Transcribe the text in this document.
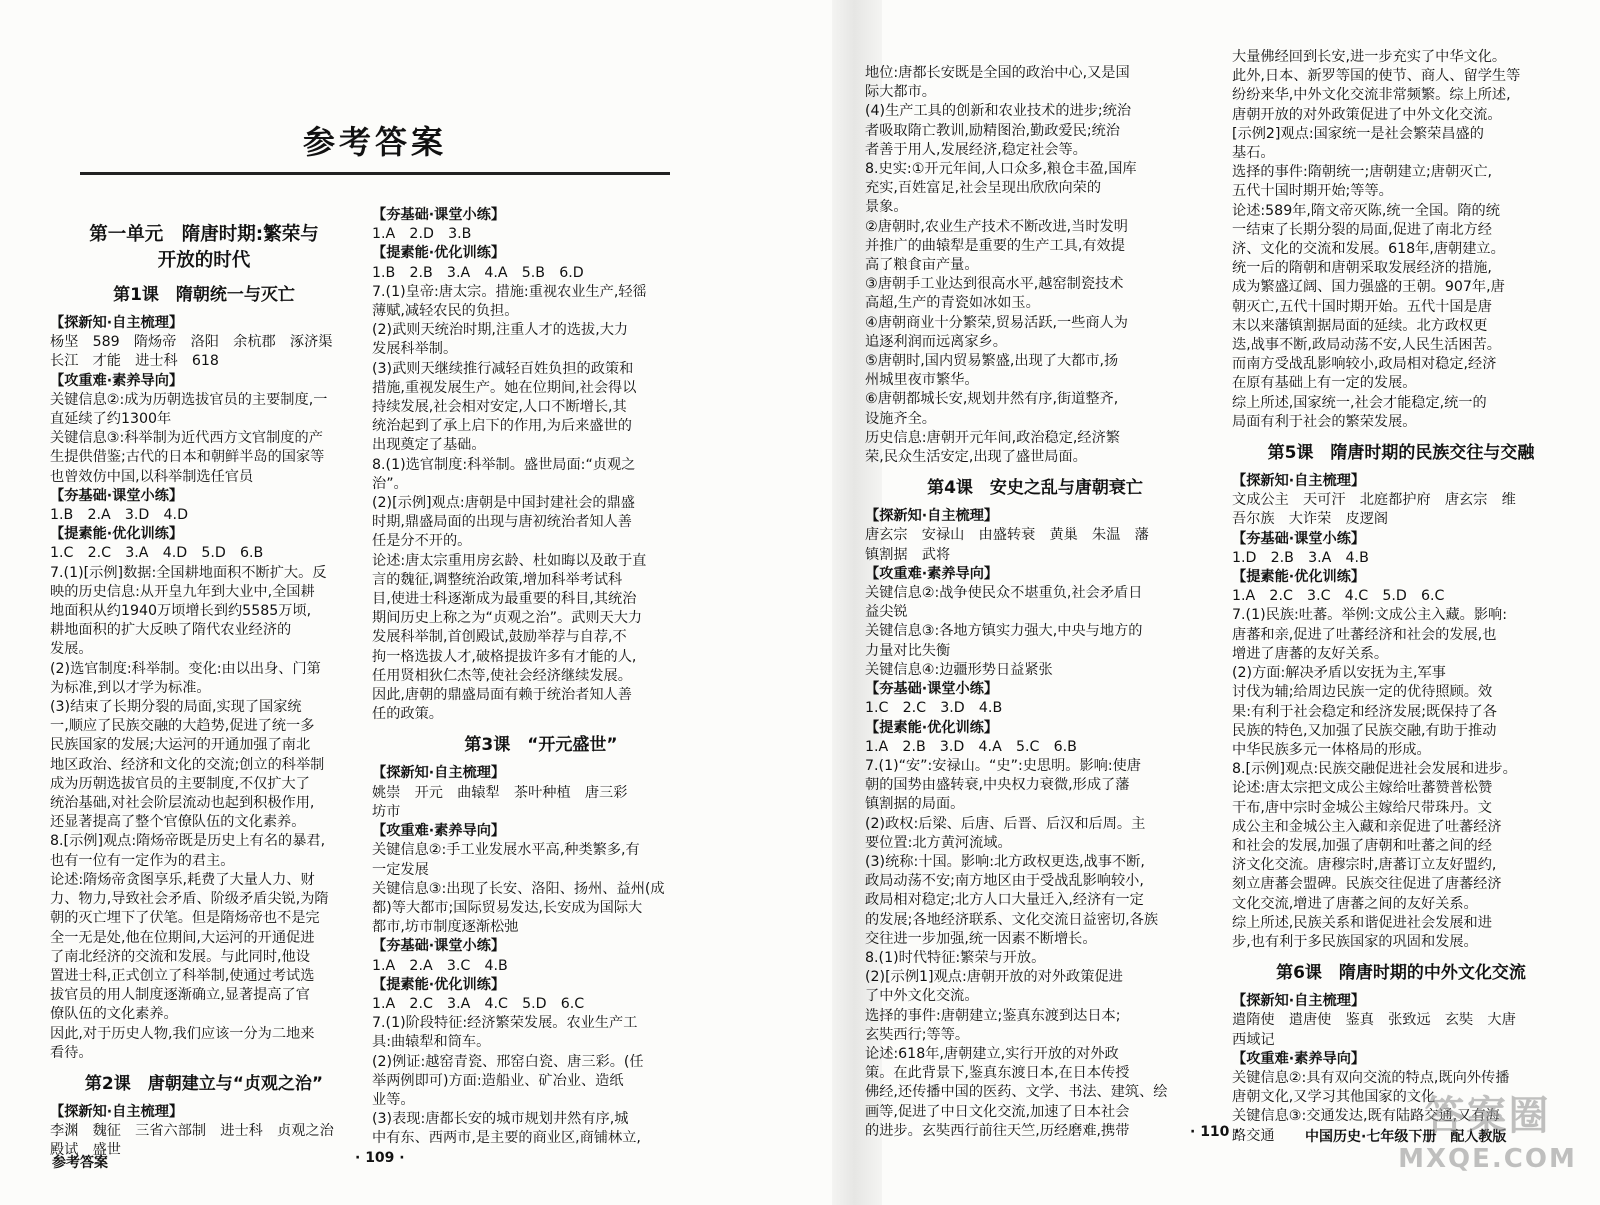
参考答案

第一单元　隋唐时期:繁荣与
开放的时代
第1课　隋朝统一与灭亡

【探新知·自主梳理】

杨坚　589　隋炀帝　洛阳　余杭郡　涿济渠

长江　才能　进士科　618

【攻重难·素养导向】

关键信息②:成为历朝选拔官员的主要制度,一

直延续了约1300年

关键信息③:科举制为近代西方文官制度的产

生提供借鉴;古代的日本和朝鲜半岛的国家等

也曾效仿中国,以科举制选任官员

【夯基础·课堂小练】

1.B　2.A　3.D　4.D

【提素能·优化训练】

1.C　2.C　3.A　4.D　5.D　6.B

7.(1)[示例]数据:全国耕地面积不断扩大。反

映的历史信息:从开皇九年到大业中,全国耕

地面积从约1940万顷增长到约5585万顷,

耕地面积的扩大反映了隋代农业经济的

发展。

(2)选官制度:科举制。变化:由以出身、门第

为标准,到以才学为标准。

(3)结束了长期分裂的局面,实现了国家统

一,顺应了民族交融的大趋势,促进了统一多

民族国家的发展;大运河的开通加强了南北

地区政治、经济和文化的交流;创立的科举制

成为历朝选拔官员的主要制度,不仅扩大了

统治基础,对社会阶层流动也起到积极作用,

还显著提高了整个官僚队伍的文化素养。

8.[示例]观点:隋炀帝既是历史上有名的暴君,

也有一位有一定作为的君主。

论述:隋炀帝贪图享乐,耗费了大量人力、财

力、物力,导致社会矛盾、阶级矛盾尖锐,为隋

朝的灭亡埋下了伏笔。但是隋炀帝也不是完

全一无是处,他在位期间,大运河的开通促进

了南北经济的交流和发展。与此同时,他设

置进士科,正式创立了科举制,使通过考试选

拔官员的用人制度逐渐确立,显著提高了官

僚队伍的文化素养。

因此,对于历史人物,我们应该一分为二地来

看待。

第2课　唐朝建立与“贞观之治”

【探新知·自主梳理】

李渊　魏征　三省六部制　进士科　贞观之治

殿试　盛世

【夯基础·课堂小练】

1.A　2.D　3.B

【提素能·优化训练】

1.B　2.B　3.A　4.A　5.B　6.D

7.(1)皇帝:唐太宗。措施:重视农业生产,轻徭

薄赋,减轻农民的负担。

(2)武则天统治时期,注重人才的选拔,大力

发展科举制。

(3)武则天继续推行减轻百姓负担的政策和

措施,重视发展生产。她在位期间,社会得以

持续发展,社会相对安定,人口不断增长,其

统治起到了承上启下的作用,为后来盛世的

出现奠定了基础。

8.(1)选官制度:科举制。盛世局面:“贞观之

治”。

(2)[示例]观点:唐朝是中国封建社会的鼎盛

时期,鼎盛局面的出现与唐初统治者知人善

任是分不开的。

论述:唐太宗重用房玄龄、杜如晦以及敢于直

言的魏征,调整统治政策,增加科举考试科

目,使进士科逐渐成为最重要的科目,其统治

期间历史上称之为“贞观之治”。武则天大力

发展科举制,首创殿试,鼓励举荐与自荐,不

拘一格选拔人才,破格提拔许多有才能的人,

任用贤相狄仁杰等,使社会经济继续发展。

因此,唐朝的鼎盛局面有赖于统治者知人善

任的政策。

第3课　“开元盛世”

【探新知·自主梳理】

姚崇　开元　曲辕犁　茶叶种植　唐三彩

坊市

【攻重难·素养导向】

关键信息②:手工业发展水平高,种类繁多,有

一定发展

关键信息③:出现了长安、洛阳、扬州、益州(成

都)等大都市;国际贸易发达,长安成为国际大

都市,坊市制度逐渐松弛

【夯基础·课堂小练】

1.A　2.A　3.C　4.B

【提素能·优化训练】

1.A　2.C　3.A　4.C　5.D　6.C

7.(1)阶段特征:经济繁荣发展。农业生产工

具:曲辕犁和筒车。

(2)例证:越窑青瓷、邢窑白瓷、唐三彩。(任

举两例即可)方面:造船业、矿冶业、造纸

业等。

(3)表现:唐都长安的城市规划井然有序,城

中有东、西两市,是主要的商业区,商铺林立,

地位:唐都长安既是全国的政治中心,又是国

际大都市。

(4)生产工具的创新和农业技术的进步;统治

者吸取隋亡教训,励精图治,勤政爱民;统治

者善于用人,发展经济,稳定社会等。

8.史实:①开元年间,人口众多,粮仓丰盈,国库

充实,百姓富足,社会呈现出欣欣向荣的

景象。

②唐朝时,农业生产技术不断改进,当时发明

并推广的曲辕犁是重要的生产工具,有效提

高了粮食亩产量。

③唐朝手工业达到很高水平,越窑制瓷技术

高超,生产的青瓷如冰如玉。

④唐朝商业十分繁荣,贸易活跃,一些商人为

追逐利润而远离家乡。

⑤唐朝时,国内贸易繁盛,出现了大都市,扬

州城里夜市繁华。

⑥唐朝都城长安,规划井然有序,街道整齐,

设施齐全。

历史信息:唐朝开元年间,政治稳定,经济繁

荣,民众生活安定,出现了盛世局面。

第4课　安史之乱与唐朝衰亡

【探新知·自主梳理】

唐玄宗　安禄山　由盛转衰　黄巢　朱温　藩

镇割据　武将

【攻重难·素养导向】

关键信息②:战争使民众不堪重负,社会矛盾日

益尖锐

关键信息③:各地方镇实力强大,中央与地方的

力量对比失衡

关键信息④:边疆形势日益紧张

【夯基础·课堂小练】

1.C　2.C　3.D　4.B

【提素能·优化训练】

1.A　2.B　3.D　4.A　5.C　6.B

7.(1)“安”:安禄山。“史”:史思明。影响:使唐

朝的国势由盛转衰,中央权力衰微,形成了藩

镇割据的局面。

(2)政权:后梁、后唐、后晋、后汉和后周。主

要位置:北方黄河流域。

(3)统称:十国。影响:北方政权更迭,战事不断,

政局动荡不安;南方地区由于受战乱影响较小,

政局相对稳定;北方人口大量迁入,经济有一定

的发展;各地经济联系、文化交流日益密切,各族

交往进一步加强,统一因素不断增长。

8.(1)时代特征:繁荣与开放。

(2)[示例1]观点:唐朝开放的对外政策促进

了中外文化交流。

选择的事件:唐朝建立;鉴真东渡到达日本;

玄奘西行;等等。

论述:618年,唐朝建立,实行开放的对外政

策。在此背景下,鉴真东渡日本,在日本传授

佛经,还传播中国的医药、文学、书法、建筑、绘

画等,促进了中日文化交流,加速了日本社会

的进步。玄奘西行前往天竺,历经磨难,携带

大量佛经回到长安,进一步充实了中华文化。

此外,日本、新罗等国的使节、商人、留学生等

纷纷来华,中外文化交流非常频繁。综上所述,

唐朝开放的对外政策促进了中外文化交流。

[示例2]观点:国家统一是社会繁荣昌盛的

基石。

选择的事件:隋朝统一;唐朝建立;唐朝灭亡,

五代十国时期开始;等等。

论述:589年,隋文帝灭陈,统一全国。隋的统

一结束了长期分裂的局面,促进了南北方经

济、文化的交流和发展。618年,唐朝建立。

统一后的隋朝和唐朝采取发展经济的措施,

成为繁盛辽阔、国力强盛的王朝。907年,唐

朝灭亡,五代十国时期开始。五代十国是唐

末以来藩镇割据局面的延续。北方政权更

迭,战事不断,政局动荡不安,人民生活困苦。

而南方受战乱影响较小,政局相对稳定,经济

在原有基础上有一定的发展。

综上所述,国家统一,社会才能稳定,统一的

局面有利于社会的繁荣发展。

第5课　隋唐时期的民族交往与交融

【探新知·自主梳理】

文成公主　天可汗　北庭都护府　唐玄宗　维

吾尔族　大诈荣　皮逻阁

【夯基础·课堂小练】

1.D　2.B　3.A　4.B

【提素能·优化训练】

1.A　2.C　3.C　4.C　5.D　6.C

7.(1)民族:吐蕃。举例:文成公主入藏。影响:

唐蕃和亲,促进了吐蕃经济和社会的发展,也

增进了唐蕃的友好关系。

(2)方面:解决矛盾以安抚为主,军事

讨伐为辅;给周边民族一定的优待照顾。效

果:有利于社会稳定和经济发展;既保持了各

民族的特色,又加强了民族交融,有助于推动

中华民族多元一体格局的形成。

8.[示例]观点:民族交融促进社会发展和进步。

论述:唐太宗把文成公主嫁给吐蕃赞普松赞

干布,唐中宗时金城公主嫁给尺带珠丹。文

成公主和金城公主入藏和亲促进了吐蕃经济

和社会的发展,加强了唐朝和吐蕃之间的经

济文化交流。唐穆宗时,唐蕃订立友好盟约,

刻立唐蕃会盟碑。民族交往促进了唐蕃经济

文化交流,增进了唐蕃之间的友好关系。

综上所述,民族关系和谐促进社会发展和进

步,也有利于多民族国家的巩固和发展。

第6课　隋唐时期的中外文化交流

【探新知·自主梳理】

遣隋使　遣唐使　鉴真　张致远　玄奘　大唐

西域记

【攻重难·素养导向】

关键信息②:具有双向交流的特点,既向外传播

唐朝文化,又学习其他国家的文化

关键信息③:交通发达,既有陆路交通,又有海

路交通

参考答案	· 109 ·
· 110 ·	中国历史·七年级下册　配人教版
答案圈
MXQE.COM
